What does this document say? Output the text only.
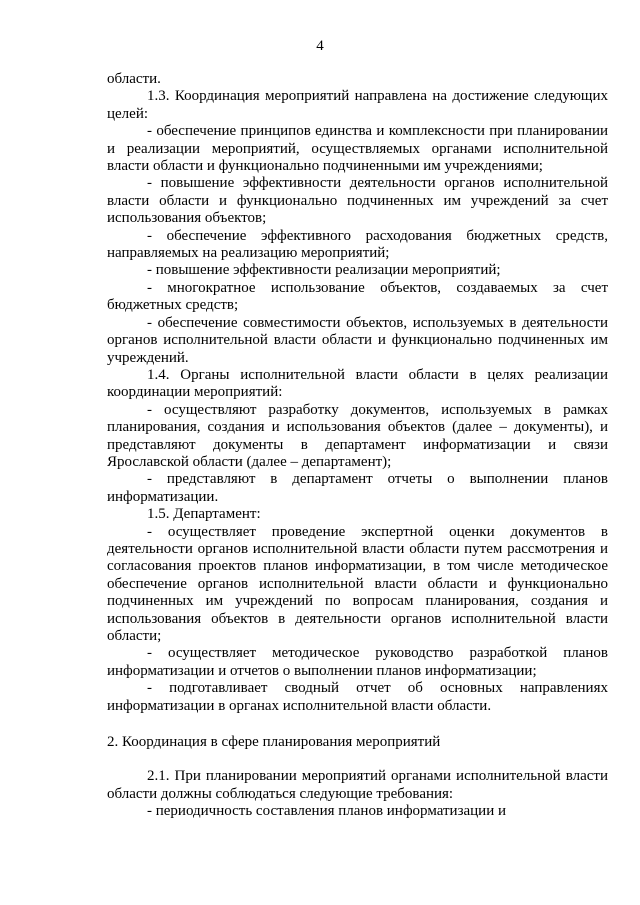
4
области.
1.3. Координация мероприятий направлена на достижение следующих целей:
- обеспечение принципов единства и комплексности при планировании и реализации мероприятий, осуществляемых органами исполнительной власти области и функционально подчиненными им учреждениями;
- повышение эффективности деятельности органов исполнительной власти области и функционально подчиненных им учреждений за счет использования объектов;
- обеспечение эффективного расходования бюджетных средств, направляемых на реализацию мероприятий;
- повышение эффективности реализации мероприятий;
- многократное использование объектов, создаваемых за счет бюджетных средств;
- обеспечение совместимости объектов, используемых в деятельности органов исполнительной власти области и функционально подчиненных им учреждений.
1.4. Органы исполнительной власти области в целях реализации координации мероприятий:
- осуществляют разработку документов, используемых в рамках планирования, создания и использования объектов (далее – документы), и представляют документы в департамент информатизации и связи Ярославской области (далее – департамент);
- представляют в департамент отчеты о выполнении планов информатизации.
1.5. Департамент:
- осуществляет проведение экспертной оценки документов в деятельности органов исполнительной власти области путем рассмотрения и согласования проектов планов информатизации, в том числе методическое обеспечение органов исполнительной власти области и функционально подчиненных им учреждений по вопросам планирования, создания и использования объектов в деятельности органов исполнительной власти области;
- осуществляет методическое руководство разработкой планов информатизации и отчетов о выполнении планов информатизации;
- подготавливает сводный отчет об основных направлениях информатизации в органах исполнительной власти области.
2. Координация в сфере планирования мероприятий
2.1. При планировании мероприятий органами исполнительной власти области должны соблюдаться следующие требования:
- периодичность составления планов информатизации и
